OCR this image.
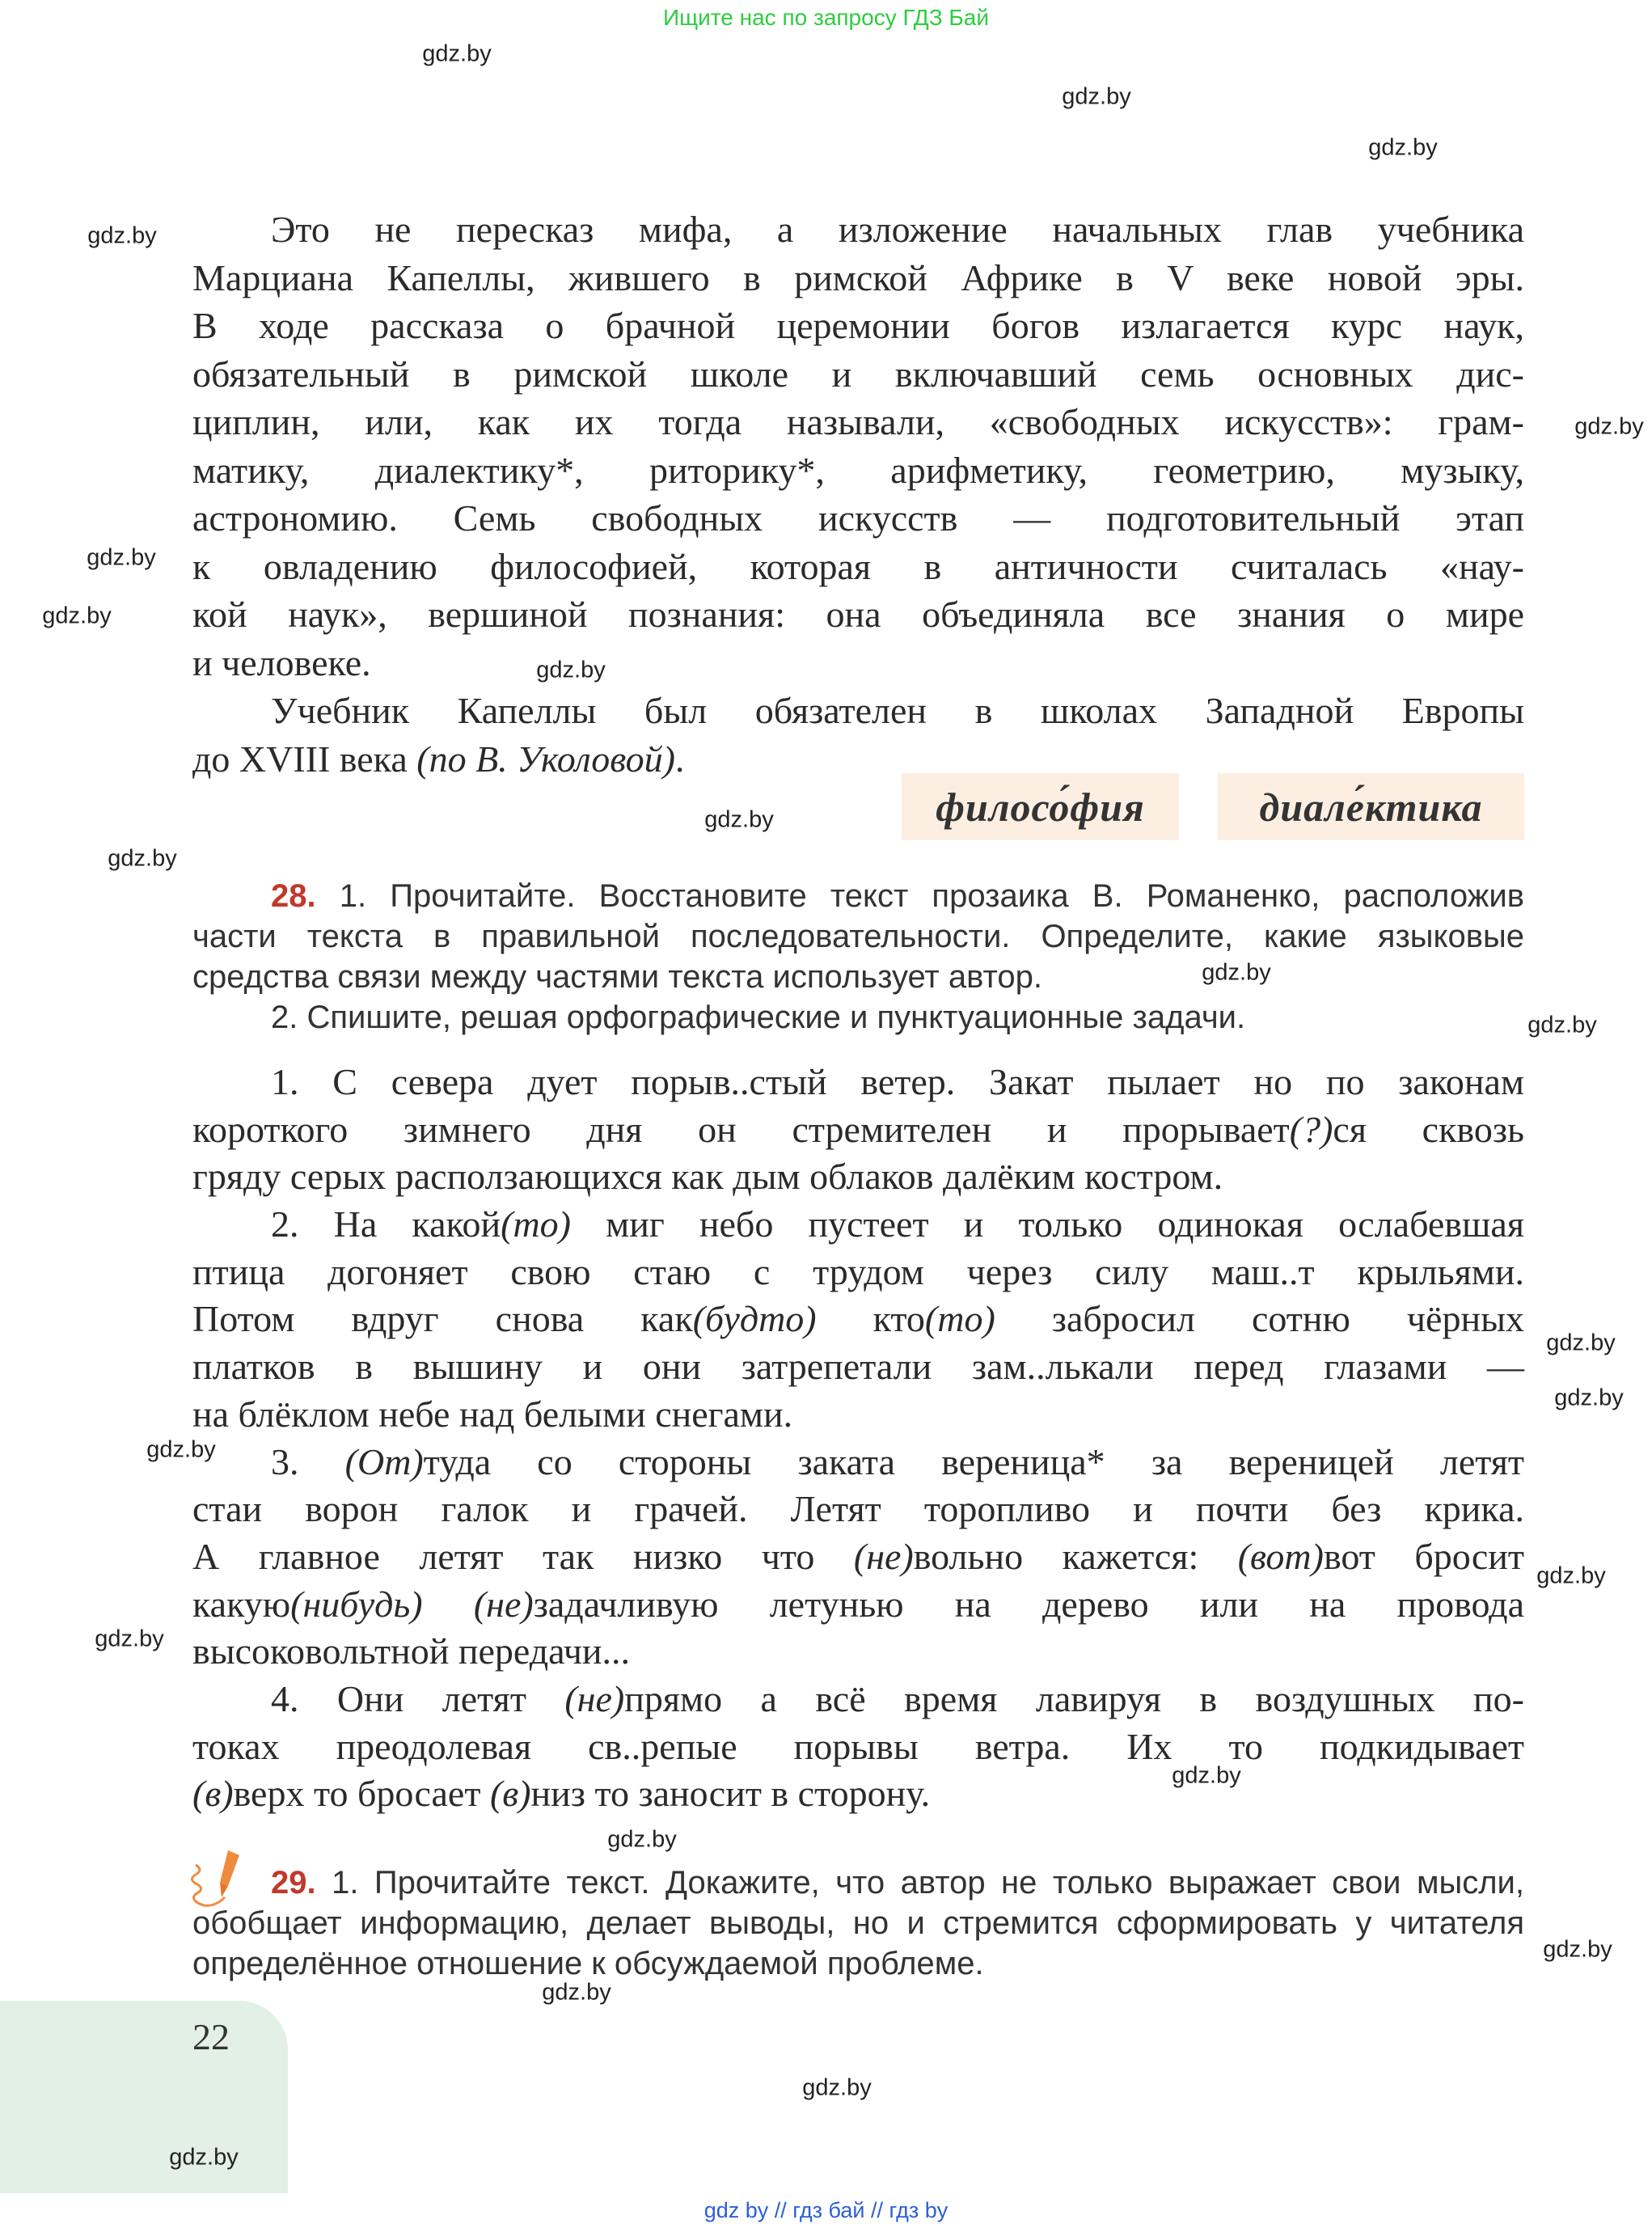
Ищите нас по запросу ГДЗ Бай
Это не пересказ мифа, а изложение начальных глав учебника
Марциана Капеллы, жившего в римской Африке в V веке новой эры.
В ходе рассказа о брачной церемонии богов излагается курс наук,
обязательный в римской школе и включавший семь основных дис-
циплин, или, как их тогда называли, «свободных искусств»: грам-
матику, диалектику*, риторику*, арифметику, геометрию, музыку,
астрономию. Семь свободных искусств — подготовительный этап
к овладению философией, которая в античности считалась «нау-
кой наук», вершиной познания: она объединяла все знания о мире
и человеке.
Учебник Капеллы был обязателен в школах Западной Европы
до XVIII века (по В. Уколовой).
филосо́фия	диале́ктика
28. 1. Прочитайте. Восстановите текст прозаика В. Романенко, расположив
части текста в правильной последовательности. Определите, какие языковые
средства связи между частями текста использует автор.
2. Спишите, решая орфографические и пунктуационные задачи.
1. С севера дует порыв..стый ветер. Закат пылает но по законам
короткого зимнего дня он стремителен и прорывает(?)ся сквозь
гряду серых расползающихся как дым облаков далёким костром.
2. На какой(то) миг небо пустеет и только одинокая ослабевшая
птица догоняет свою стаю с трудом через силу маш..т крыльями.
Потом вдруг снова как(будто) кто(то) забросил сотню чёрных
платков в вышину и они затрепетали зам..лькали перед глазами —
на блёклом небе над белыми снегами.
3. (От)туда со стороны заката вереница* за вереницей летят
стаи ворон галок и грачей. Летят торопливо и почти без крика.
А главное летят так низко что (не)вольно кажется: (вот)вот бросит
какую(нибудь) (не)задачливую летунью на дерево или на провода
высоковольтной передачи...
4. Они летят (не)прямо а всё время лавируя в воздушных по-
токах преодолевая св..репые порывы ветра. Их то подкидывает
(в)верх то бросает (в)низ то заносит в сторону.
29. 1. Прочитайте текст. Докажите, что автор не только выражает свои мысли,
обобщает информацию, делает выводы, но и стремится сформировать у читателя
определённое отношение к обсуждаемой проблеме.
22
gdz.by
gdz.by
gdz.by
gdz.by
gdz.by
gdz.by
gdz.by
gdz.by
gdz.by
gdz.by
gdz.by
gdz.by
gdz.by
gdz.by
gdz.by
gdz.by
gdz.by
gdz.by
gdz.by
gdz.by
gdz.by
gdz.by
gdz.by
gdz by // гдз бай // гдз by
